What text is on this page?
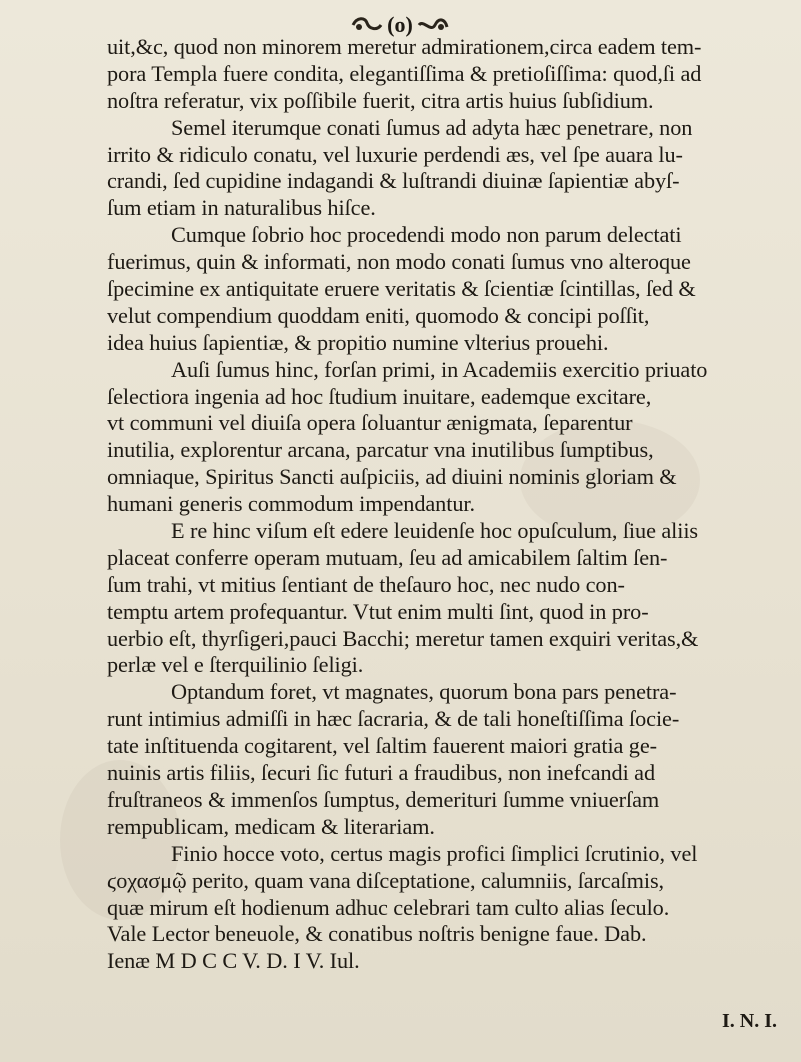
(o)
uit,&c, quod non minorem meretur admirationem,circa eadem tem-
pora Templa fuere condita, elegantiſſima & pretioſiſſima: quod,ſi ad
noſtra referatur, vix poſſibile fuerit, citra artis huius ſubſidium.
Semel iterumque conati ſumus ad adyta hæc penetrare, non
irrito & ridiculo conatu, vel luxurie perdendi æs, vel ſpe auara lu-
crandi, ſed cupidine indagandi & luſtrandi diuinæ ſapientiæ abyſ-
ſum etiam in naturalibus hiſce.
Cumque ſobrio hoc procedendi modo non parum delectati
fuerimus, quin & informati, non modo conati ſumus vno alteroque
ſpecimine ex antiquitate eruere veritatis & ſcientiæ ſcintillas, ſed &
velut compendium quoddam eniti, quomodo & concipi poſſit,
idea huius ſapientiæ, & propitio numine vlterius prouehi.
Auſi ſumus hinc, forſan primi, in Academiis exercitio priuato
ſelectiora ingenia ad hoc ſtudium inuitare, eademque excitare,
vt communi vel diuiſa opera ſoluantur ænigmata, ſeparentur
inutilia, explorentur arcana, parcatur vna inutilibus ſumptibus,
omniaque, Spiritus Sancti auſpiciis, ad diuini nominis gloriam &
humani generis commodum impendantur.
E re hinc viſum eſt edere leuidenſe hoc opuſculum, ſiue aliis
placeat conferre operam mutuam, ſeu ad amicabilem ſaltim ſen-
ſum trahi, vt mitius ſentiant de theſauro hoc, nec nudo con-
temptu artem profequantur. Vtut enim multi ſint, quod in pro-
uerbio eſt, thyrſigeri,pauci Bacchi; meretur tamen exquiri veritas,&
perlæ vel e ſterquilinio ſeligi.
Optandum foret, vt magnates, quorum bona pars penetra-
runt intimius admiſſi in hæc ſacraria, & de tali honeſtiſſima ſocie-
tate inſtituenda cogitarent, vel ſaltim fauerent maiori gratia ge-
nuinis artis filiis, ſecuri ſic futuri a fraudibus, non inefcandi ad
fruſtraneos & immenſos ſumptus, demerituri ſumme vniuerſam
rempublicam, medicam & literariam.
Finio hocce voto, certus magis profici ſimplici ſcrutinio, vel
ϛοχασμῷ perito, quam vana diſceptatione, calumniis, ſarcaſmis,
quæ mirum eſt hodienum adhuc celebrari tam culto alias ſeculo.
Vale Lector beneuole, & conatibus noſtris benigne faue. Dab.
Ienæ M D C C V. D. I V. Iul.
I. N. I.
